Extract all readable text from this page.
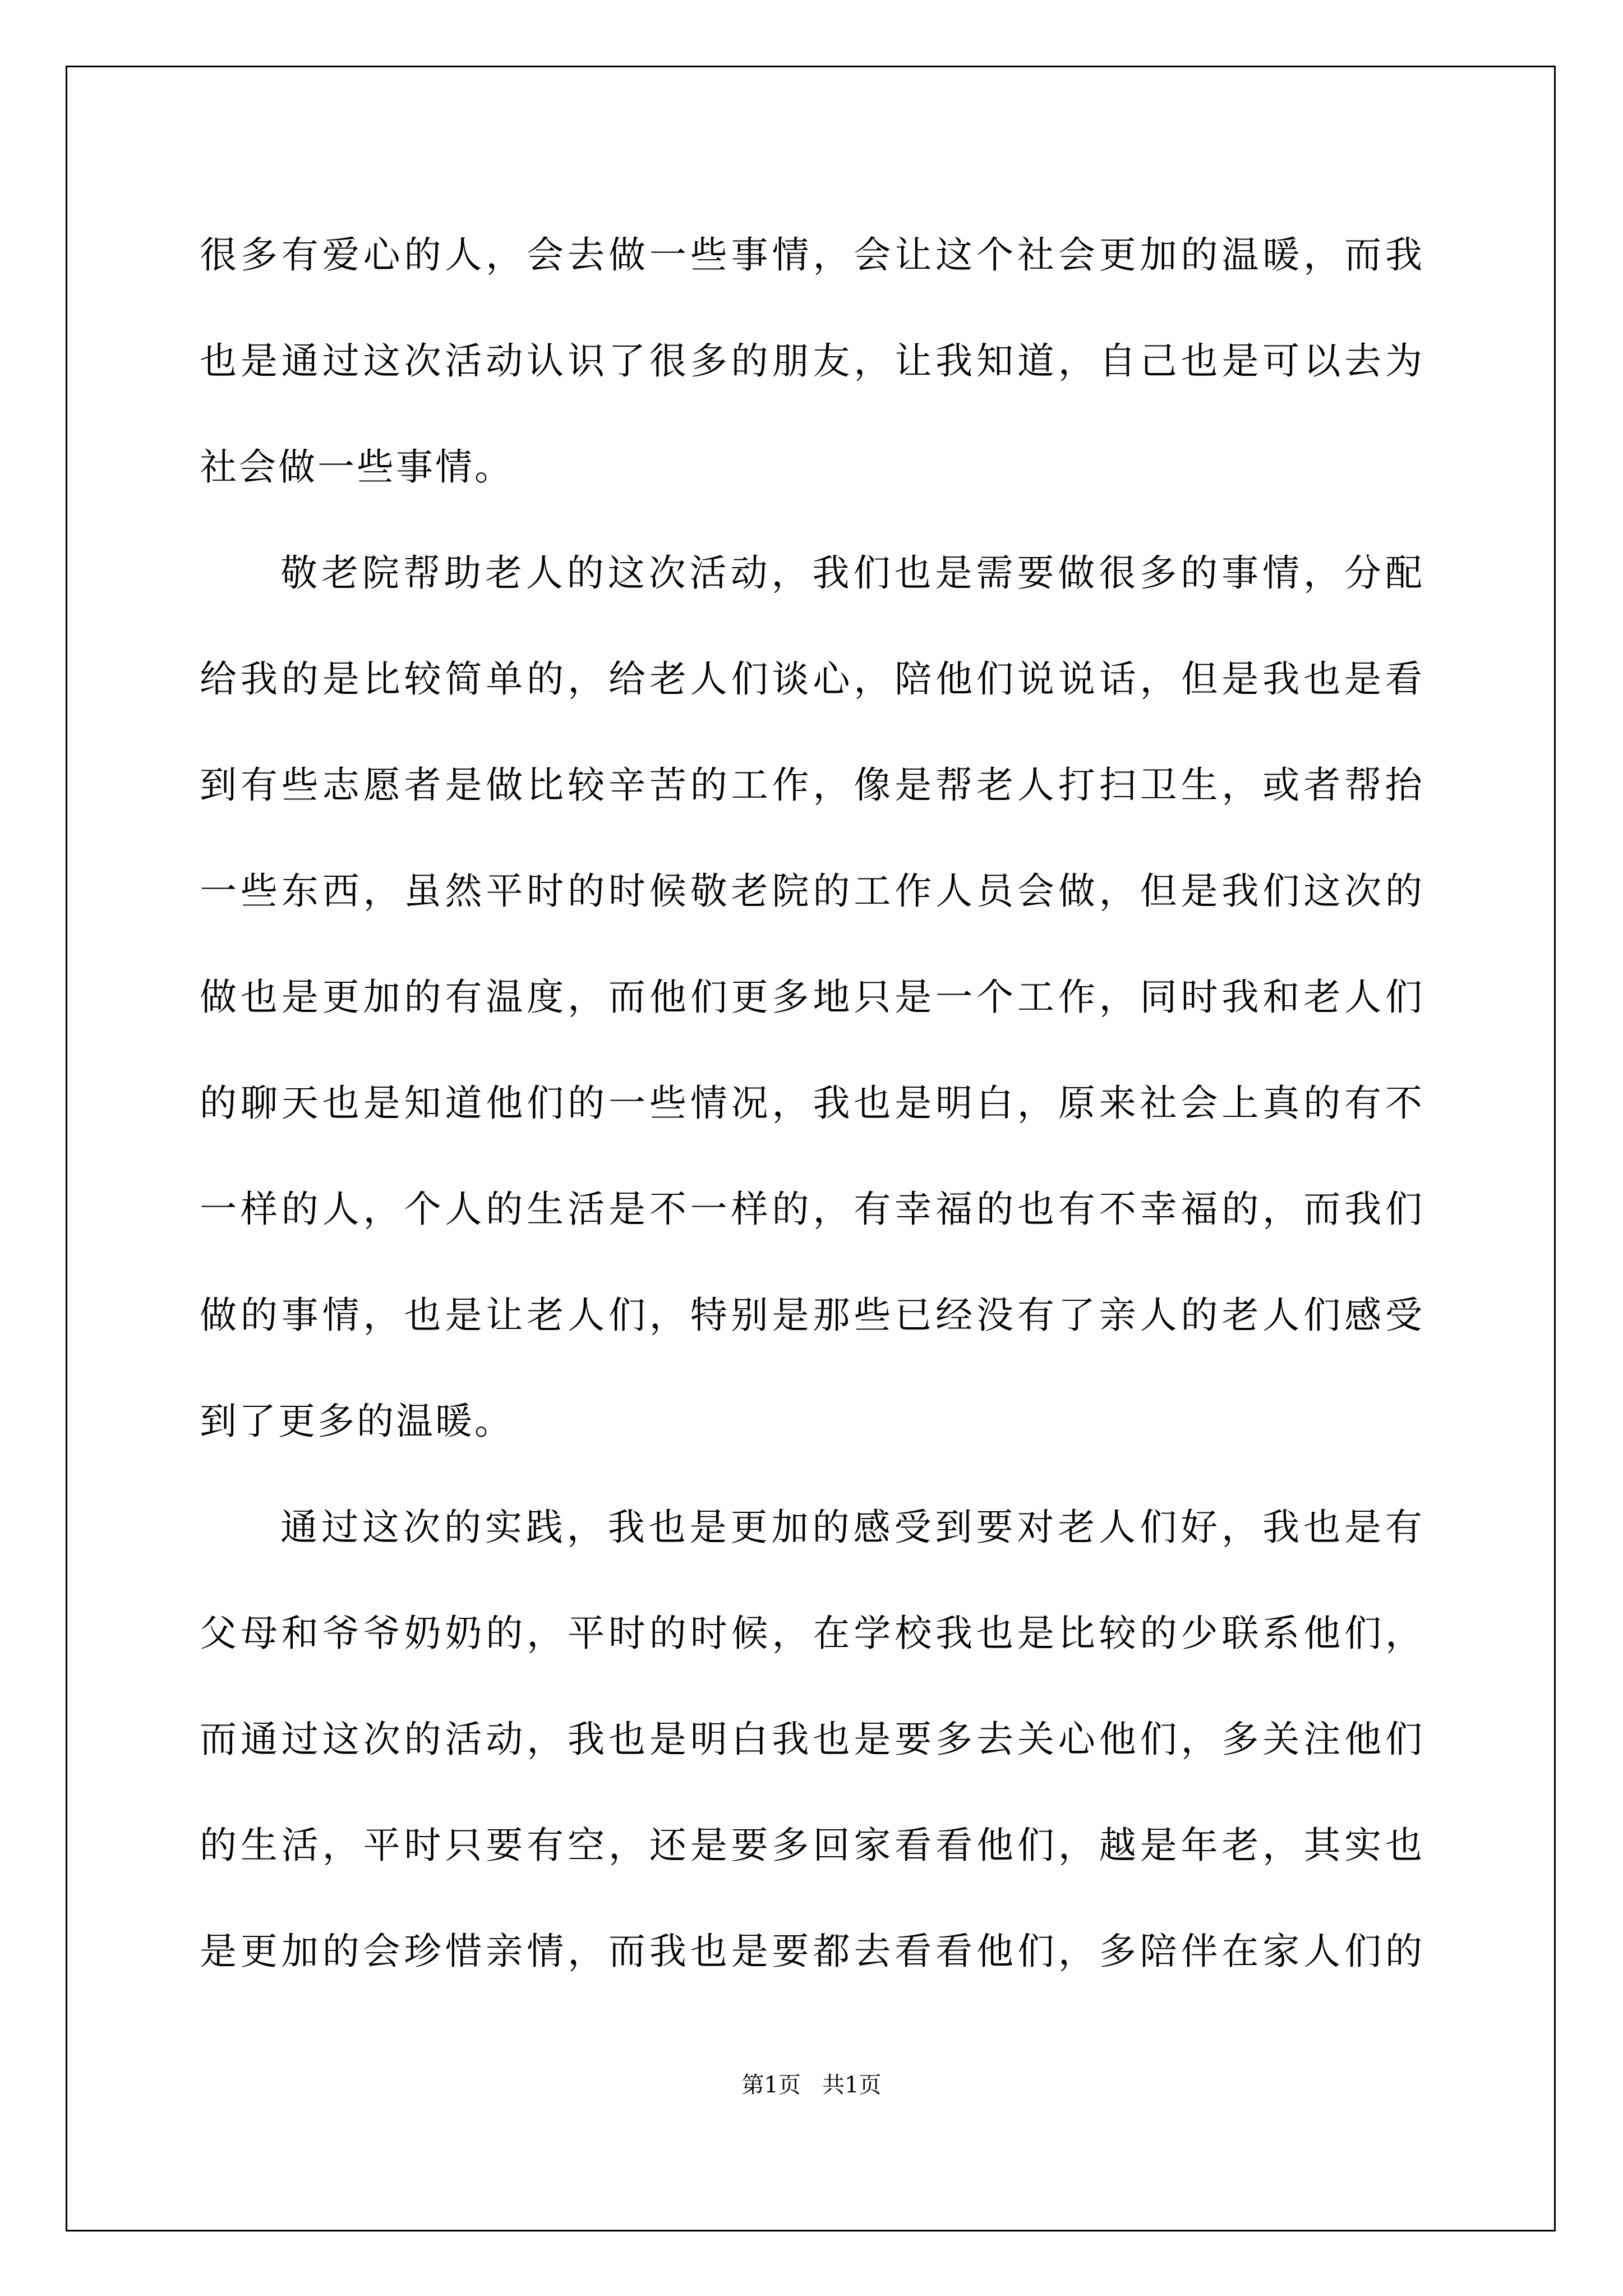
很多有爱心的人，会去做一些事情，会让这个社会更加的温暖，而我
也是通过这次活动认识了很多的朋友，让我知道，自己也是可以去为
社会做一些事情。
敬老院帮助老人的这次活动，我们也是需要做很多的事情，分配
给我的是比较简单的，给老人们谈心，陪他们说说话，但是我也是看
到有些志愿者是做比较辛苦的工作，像是帮老人打扫卫生，或者帮抬
一些东西，虽然平时的时候敬老院的工作人员会做，但是我们这次的
做也是更加的有温度，而他们更多地只是一个工作，同时我和老人们
的聊天也是知道他们的一些情况，我也是明白，原来社会上真的有不
一样的人，个人的生活是不一样的，有幸福的也有不幸福的，而我们
做的事情，也是让老人们，特别是那些已经没有了亲人的老人们感受
到了更多的温暖。
通过这次的实践，我也是更加的感受到要对老人们好，我也是有
父母和爷爷奶奶的，平时的时候，在学校我也是比较的少联系他们，
而通过这次的活动，我也是明白我也是要多去关心他们，多关注他们
的生活，平时只要有空，还是要多回家看看他们，越是年老，其实也
是更加的会珍惜亲情，而我也是要都去看看他们，多陪伴在家人们的
第1页   共1页
